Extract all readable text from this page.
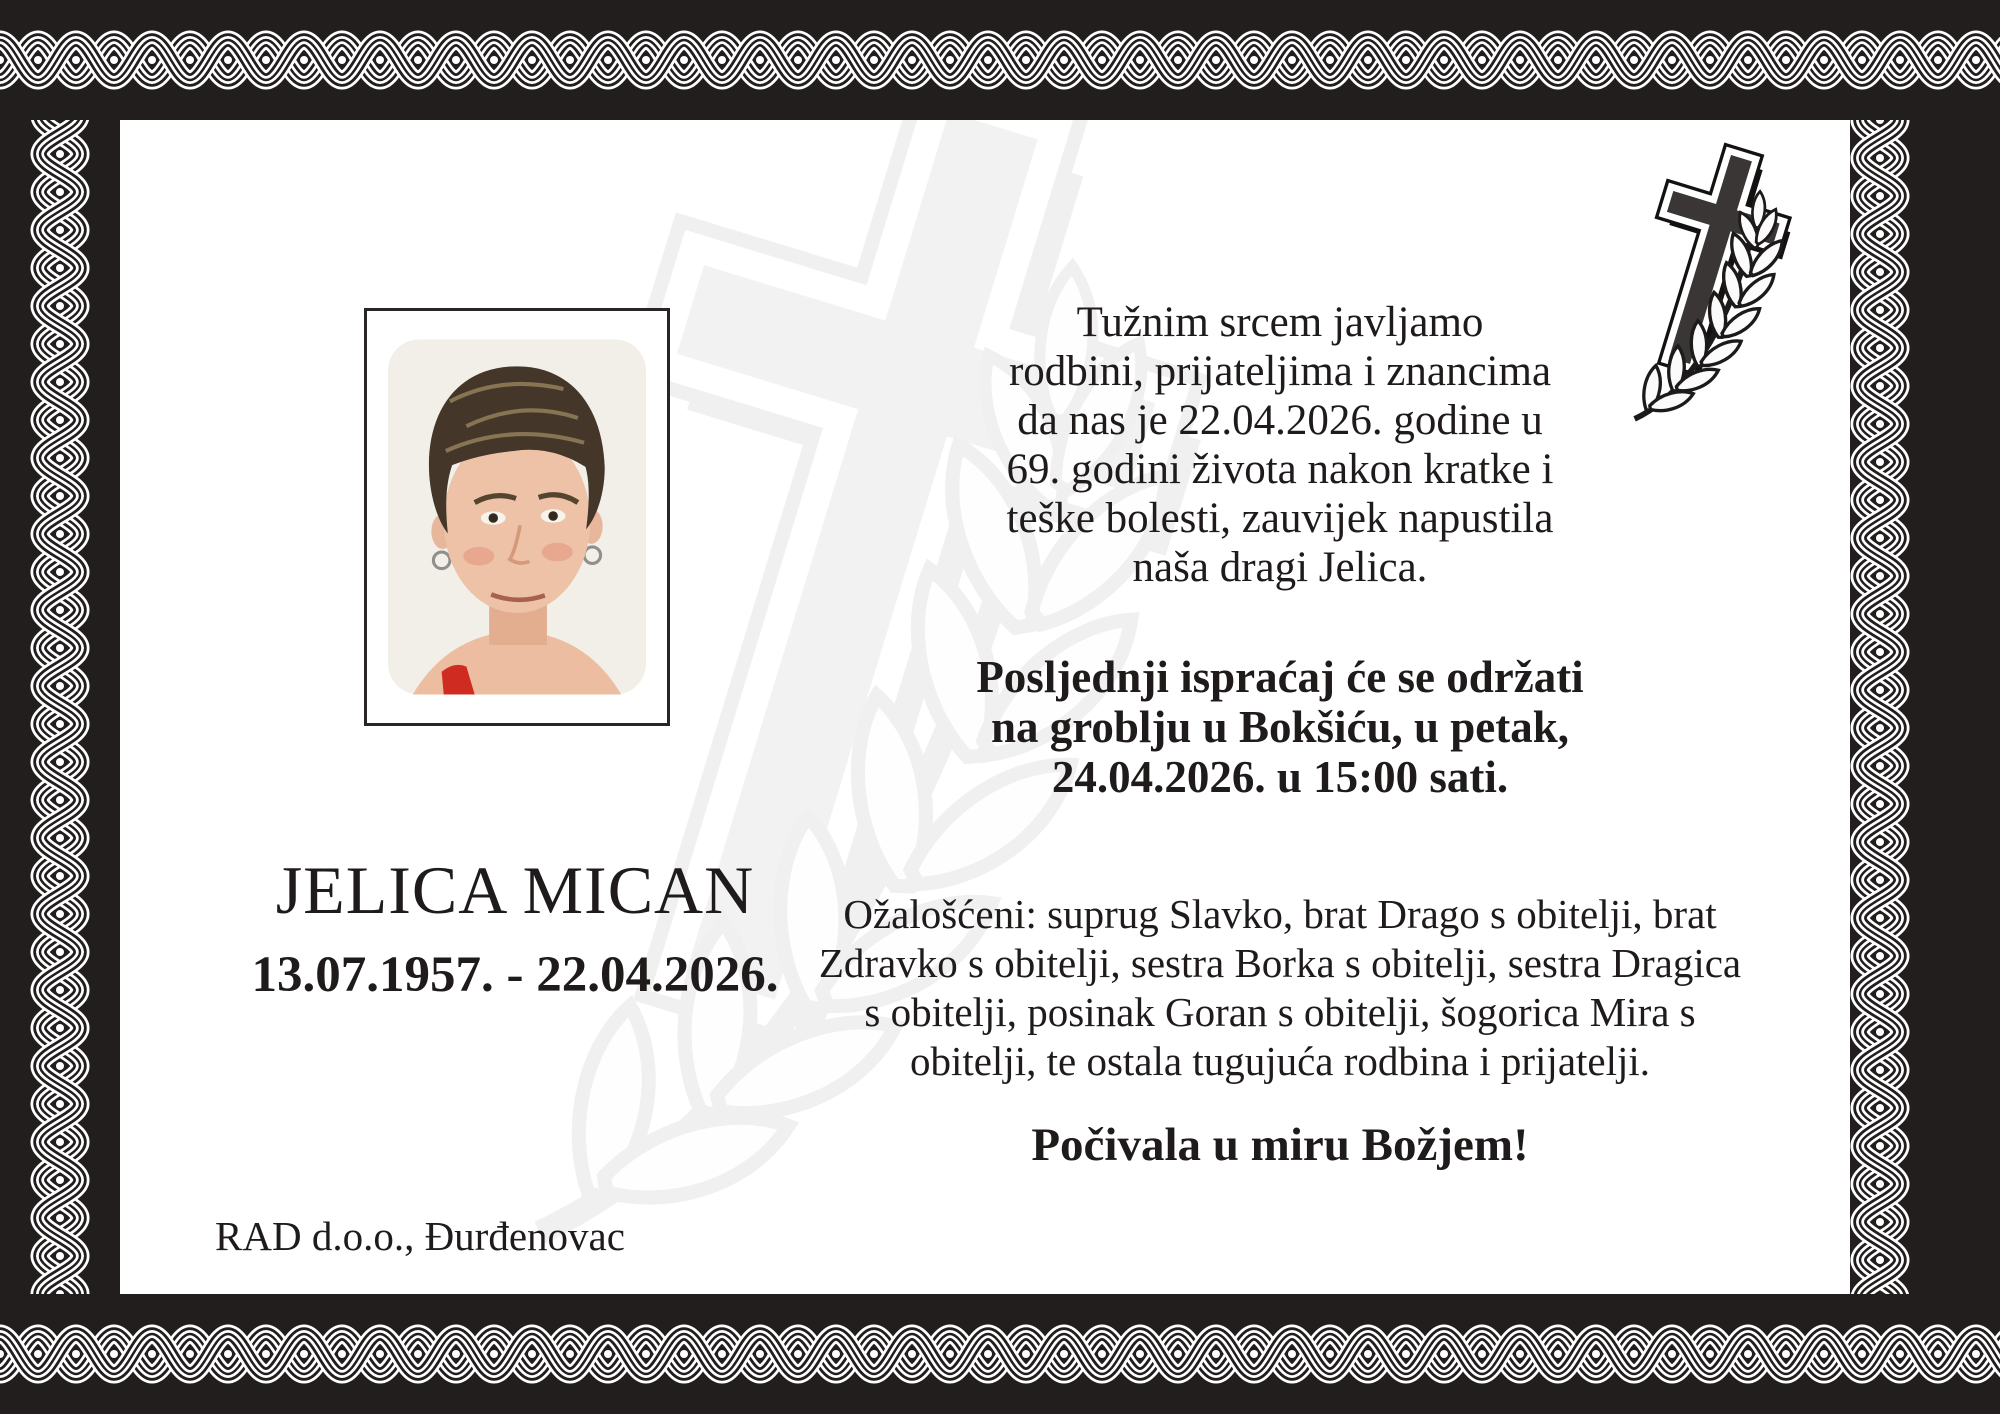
Tužnim srcem javljamo
rodbini, prijateljima i znancima
da nas je 22.04.2026. godine u
69. godini života nakon kratke i
teške bolesti, zauvijek napustila
naša dragi Jelica.
Posljednji ispraćaj će se održati
na groblju u Bokšiću, u petak,
24.04.2026. u 15:00 sati.
JELICA MICAN
13.07.1957. - 22.04.2026.
Ožalošćeni: suprug Slavko, brat Drago s obitelji, brat
Zdravko s obitelji, sestra Borka s obitelji, sestra Dragica
s obitelji, posinak Goran s obitelji, šogorica Mira s
obitelji, te ostala tugujuća rodbina i prijatelji.
Počivala u miru Božjem!
RAD d.o.o., Đurđenovac
